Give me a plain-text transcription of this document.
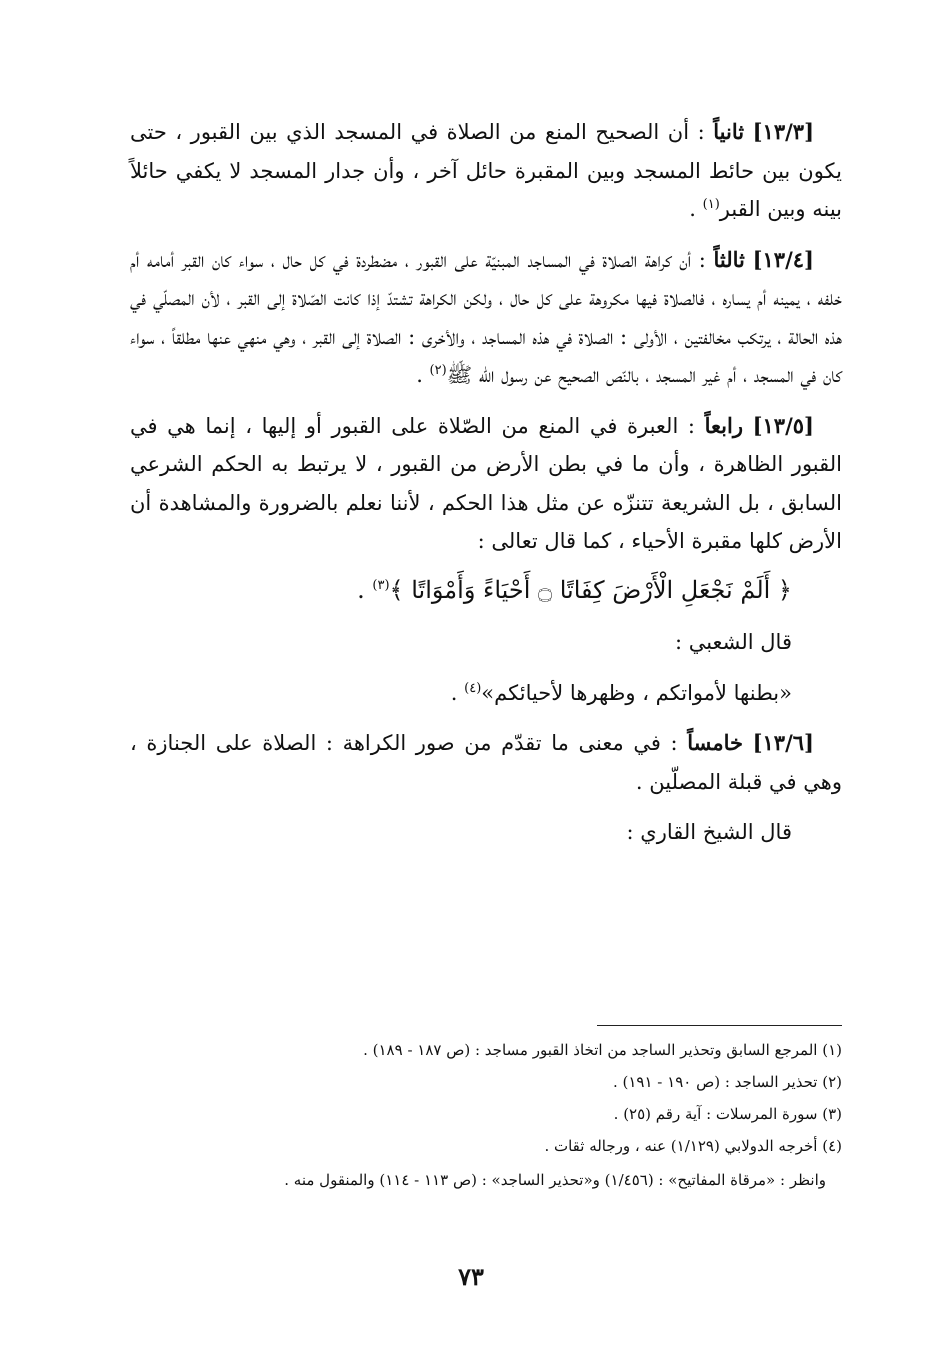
[١٣/٣] ثانياً : أن الصحيح المنع من الصلاة في المسجد الذي بين القبور ، حتى يكون بين حائط المسجد وبين المقبرة حائل آخر ، وأن جدار المسجد لا يكفي حائلاً بينه وبين القبر$^{(١)}$ .

[١٣/٤] ثالثاً : أن كراهة الصلاة في المساجد المبنيّة على القبور ، مضطردة في كل حال ، سواء كان القبر أمامه أم خلفه ، يمينه أم يساره ، فالصلاة فيها مكروهة على كل حال ، ولكن الكراهة تشتدّ إذا كانت الصّلاة إلى القبر ، لأن المصلّي في هذه الحالة ، يرتكب مخالفتين ، الأولى : الصلاة في هذه المساجد ، والأخرى : الصلاة إلى القبر ، وهي منهي عنها مطلقاً ، سواء كان في المسجد ، أم غير المسجد ، بالنّص الصحيح عن رسول الله ﷺ$^{(٢)}$ .

[١٣/٥] رابعاً : العبرة في المنع من الصّلاة على القبور أو إليها ، إنما هي في القبور الظاهرة ، وأن ما في بطن الأرض من القبور ، لا يرتبط به الحكم الشرعي السابق ، بل الشريعة تتنزّه عن مثل هذا الحكم ، لأننا نعلم بالضرورة والمشاهدة أن الأرض كلها مقبرة الأحياء ، كما قال تعالى :

﴿ أَلَمْ نَجْعَلِ الْأَرْضَ كِفَاتًا ۝ أَحْيَاءً وَأَمْوَاتًا ﴾$^{(٣)}$ .

قال الشعبي :

«بطنها لأمواتكم ، وظهرها لأحيائكم»$^{(٤)}$ .

[١٣/٦] خامساً : في معنى ما تقدّم من صور الكراهة : الصلاة على الجنازة ، وهي في قبلة المصلّين .

قال الشيخ القاري :

(١) المرجع السابق وتحذير الساجد من اتخاذ القبور مساجد : (ص ١٨٧ - ١٨٩) .

(٢) تحذير الساجد : (ص ١٩٠ - ١٩١) .

(٣) سورة المرسلات : آية رقم (٢٥) .

(٤) أخرجه الدولابي (١/١٢٩) عنه ، ورجاله ثقات .

وانظر : «مرقاة المفاتيح» : (١/٤٥٦) و«تحذير الساجد» : (ص ١١٣ - ١١٤) والمنقول منه .

٧٣
